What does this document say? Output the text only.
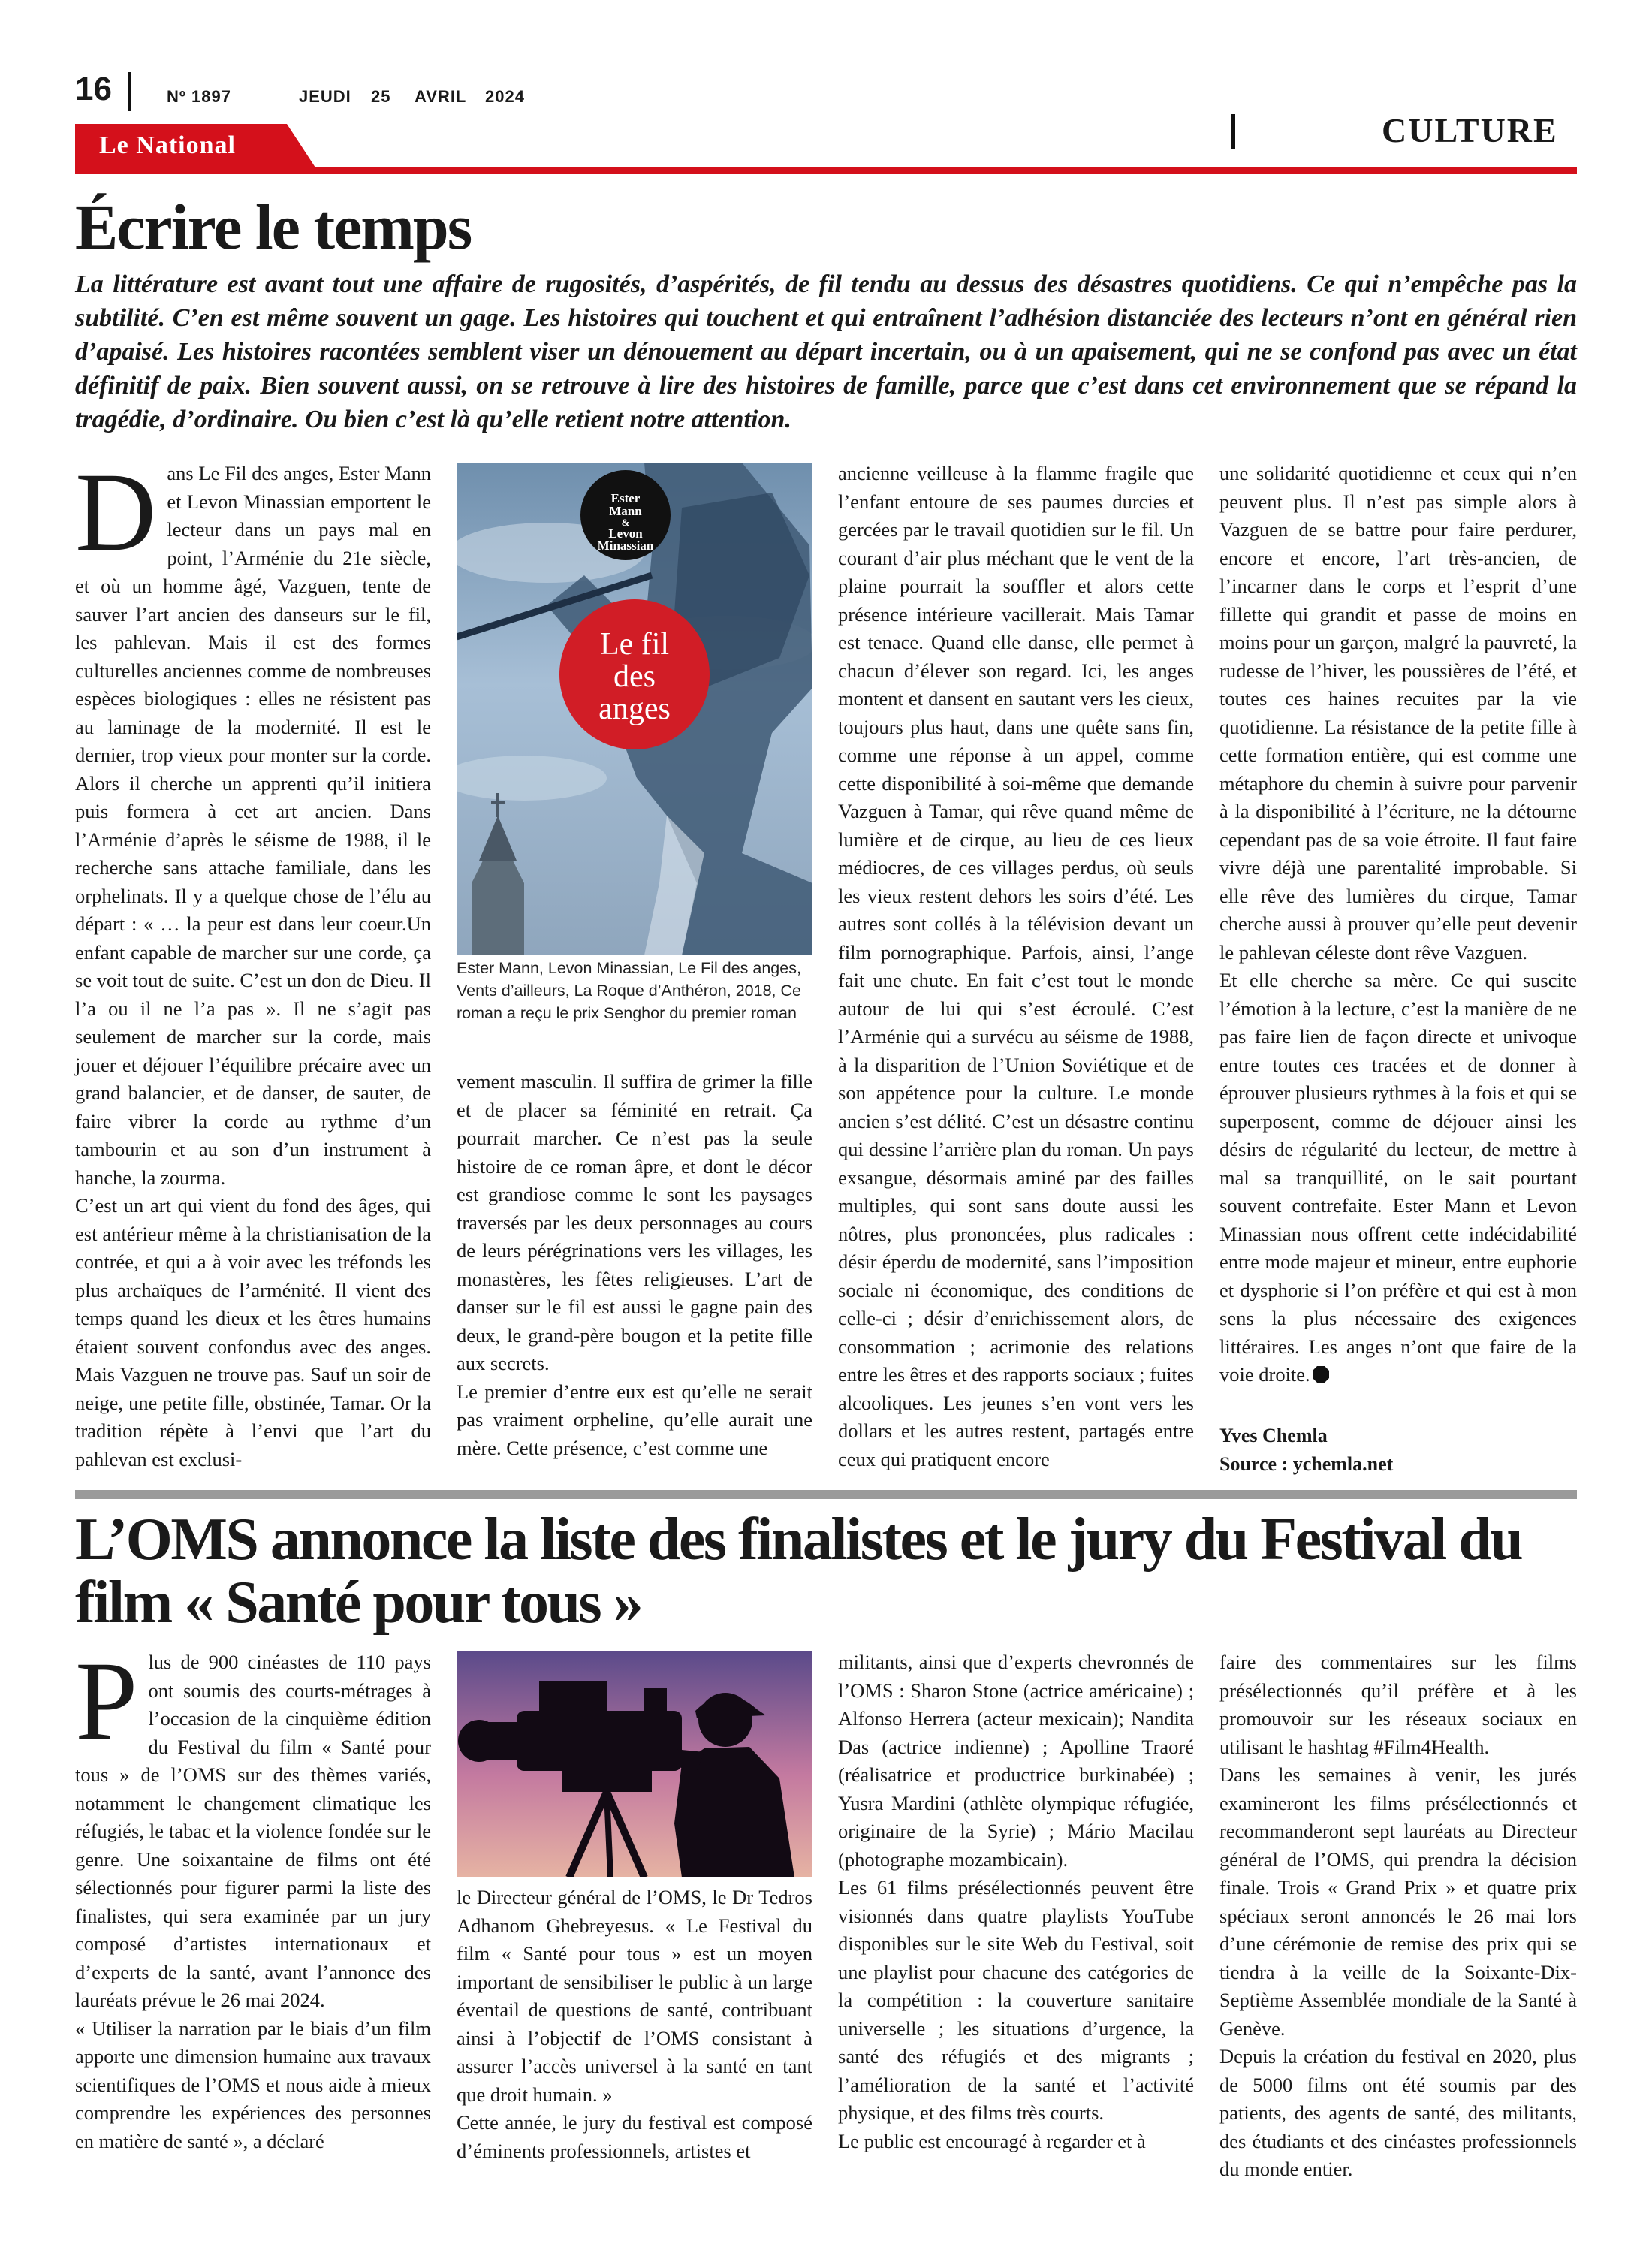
16	Nº 1897	JEUDI 25 AVRIL 2024
Le National	CULTURE
Écrire le temps
La littérature est avant tout une affaire de rugosités, d’aspérités, de fil tendu au dessus des désastres quotidiens. Ce qui n’empêche pas la subtilité. C’en est même souvent un gage. Les histoires qui touchent et qui entraînent l’adhésion distanciée des lecteurs n’ont en général rien d’apaisé. Les histoires racontées semblent viser un dénouement au départ incertain, ou à un apaisement, qui ne se confond pas avec un état définitif de paix. Bien souvent aussi, on se retrouve à lire des histoires de famille, parce que c’est dans cet environnement que se répand la tragédie, d’ordinaire. Ou bien c’est là qu’elle retient notre attention.
D ans Le Fil des anges, Ester Mann et Levon Minassian emportent le lecteur dans un pays mal en point, l’Arménie du 21e siècle, et où un homme âgé, Vazguen, tente de sauver l’art ancien des danseurs sur le fil, les pahlevan. Mais il est des formes culturelles anciennes comme de nombreuses espèces biologiques : elles ne résistent pas au laminage de la modernité. Il est le dernier, trop vieux pour monter sur la corde. Alors il cherche un apprenti qu’il initiera puis formera à cet art ancien. Dans l’Arménie d’après le séisme de 1988, il le recherche sans attache familiale, dans les orphelinats. Il y a quelque chose de l’élu au départ : « … la peur est dans leur coeur.Un enfant capable de marcher sur une corde, ça se voit tout de suite. C’est un don de Dieu. Il l’a ou il ne l’a pas ». Il ne s’agit pas seulement de marcher sur la corde, mais jouer et déjouer l’équilibre précaire avec un grand balancier, et de danser, de sauter, de faire vibrer la corde au rythme d’un tambourin et au son d’un instrument à hanche, la zourma.

C’est un art qui vient du fond des âges, qui est antérieur même à la christianisation de la contrée, et qui a à voir avec les tréfonds les plus archaïques de l’arménité. Il vient des temps quand les dieux et les êtres humains étaient souvent confondus avec des anges. Mais Vazguen ne trouve pas. Sauf un soir de neige, une petite fille, obstinée, Tamar. Or la tradition répète à l’envi que l’art du pahlevan est exclusi-

Ester
Mann
&
Levon
Minassian
Le fil
des
anges
Ester Mann, Levon Minassian, Le Fil des anges, Vents d’ailleurs, La Roque d’Anthéron, 2018, Ce roman a reçu le prix Senghor du premier roman

vement masculin. Il suffira de grimer la fille et de placer sa féminité en retrait. Ça pourrait marcher. Ce n’est pas la seule histoire de ce roman âpre, et dont le décor est grandiose comme le sont les paysages traversés par les deux personnages au cours de leurs pérégrinations vers les villages, les monastères, les fêtes religieuses. L’art de danser sur le fil est aussi le gagne pain des deux, le grand-père bougon et la petite fille aux secrets.

Le premier d’entre eux est qu’elle ne serait pas vraiment orpheline, qu’elle aurait une mère. Cette présence, c’est comme une

ancienne veilleuse à la flamme fragile que l’enfant entoure de ses paumes durcies et gercées par le travail quotidien sur le fil. Un courant d’air plus méchant que le vent de la plaine pourrait la souffler et alors cette présence intérieure vacillerait. Mais Tamar est tenace. Quand elle danse, elle permet à chacun d’élever son regard. Ici, les anges montent et dansent en sautant vers les cieux, toujours plus haut, dans une quête sans fin, comme une réponse à un appel, comme cette disponibilité à soi-même que demande Vazguen à Tamar, qui rêve quand même de lumière et de cirque, au lieu de ces lieux médiocres, de ces villages perdus, où seuls les vieux restent dehors les soirs d’été. Les autres sont collés à la télévision devant un film pornographique. Parfois, ainsi, l’ange fait une chute. En fait c’est tout le monde autour de lui qui s’est écroulé. C’est l’Arménie qui a survécu au séisme de 1988, à la disparition de l’Union Soviétique et de son appétence pour la culture. Le monde ancien s’est délité. C’est un désastre continu qui dessine l’arrière plan du roman. Un pays exsangue, désormais aminé par des failles multiples, qui sont sans doute aussi les nôtres, plus prononcées, plus radicales : désir éperdu de modernité, sans l’imposition sociale ni économique, des conditions de celle-ci ; désir d’enrichissement alors, de consommation ; acrimonie des relations entre les êtres et des rapports sociaux ; fuites alcooliques. Les jeunes s’en vont vers les dollars et les autres restent, partagés entre ceux qui pratiquent encore

une solidarité quotidienne et ceux qui n’en peuvent plus. Il n’est pas simple alors à Vazguen de se battre pour faire perdurer, encore et encore, l’art très-ancien, de l’incarner dans le corps et l’esprit d’une fillette qui grandit et passe de moins en moins pour un garçon, malgré la pauvreté, la rudesse de l’hiver, les poussières de l’été, et toutes ces haines recuites par la vie quotidienne. La résistance de la petite fille à cette formation entière, qui est comme une métaphore du chemin à suivre pour parvenir à la disponibilité à l’écriture, ne la détourne cependant pas de sa voie étroite. Il faut faire vivre déjà une parentalité improbable. Si elle rêve des lumières du cirque, Tamar cherche aussi à prouver qu’elle peut devenir le pahlevan céleste dont rêve Vazguen.

Et elle cherche sa mère. Ce qui suscite l’émotion à la lecture, c’est la manière de ne pas faire lien de façon directe et univoque entre toutes ces tracées et de donner à éprouver plusieurs rythmes à la fois et qui se superposent, comme de déjouer ainsi les désirs de régularité du lecteur, de mettre à mal sa tranquillité, on le sait pourtant souvent contrefaite. Ester Mann et Levon Minassian nous offrent cette indécidabilité entre mode majeur et mineur, entre euphorie et dysphorie si l’on préfère et qui est à mon sens la plus nécessaire des exigences littéraires. Les anges n’ont que faire de la voie droite.

Yves Chemla
Source : ychemla.net
L’OMS annonce la liste des finalistes et le jury du Festival du film « Santé pour tous »
P lus de 900 cinéastes de 110 pays ont soumis des courts-métrages à l’occasion de la cinquième édition du Festival du film « Santé pour tous » de l’OMS sur des thèmes variés, notamment le changement climatique les réfugiés, le tabac et la violence fondée sur le genre. Une soixantaine de films ont été sélectionnés pour figurer parmi la liste des finalistes, qui sera examinée par un jury composé d’artistes internationaux et d’experts de la santé, avant l’annonce des lauréats prévue le 26 mai 2024.

« Utiliser la narration par le biais d’un film apporte une dimension humaine aux travaux scientifiques de l’OMS et nous aide à mieux comprendre les expériences des personnes en matière de santé », a déclaré

le Directeur général de l’OMS, le Dr Tedros Adhanom Ghebreyesus. « Le Festival du film « Santé pour tous » est un moyen important de sensibiliser le public à un large éventail de questions de santé, contribuant ainsi à l’objectif de l’OMS consistant à assurer l’accès universel à la santé en tant que droit humain. »

Cette année, le jury du festival est composé d’éminents professionnels, artistes et

militants, ainsi que d’experts chevronnés de l’OMS : Sharon Stone (actrice américaine) ; Alfonso Herrera (acteur mexicain); Nandita Das (actrice indienne) ; Apolline Traoré (réalisatrice et productrice burkinabée) ; Yusra Mardini (athlète olympique réfugiée, originaire de la Syrie) ; Mário Macilau (photographe mozambicain).

Les 61 films présélectionnés peuvent être visionnés dans quatre playlists YouTube disponibles sur le site Web du Festival, soit une playlist pour chacune des catégories de la compétition : la couverture sanitaire universelle ; les situations d’urgence, la santé des réfugiés et des migrants ; l’amélioration de la santé et l’activité physique, et des films très courts.

Le public est encouragé à regarder et à

faire des commentaires sur les films présélectionnés qu’il préfère et à les promouvoir sur les réseaux sociaux en utilisant le hashtag #Film4Health.

Dans les semaines à venir, les jurés examineront les films présélectionnés et recommanderont sept lauréats au Directeur général de l’OMS, qui prendra la décision finale. Trois « Grand Prix » et quatre prix spéciaux seront annoncés le 26 mai lors d’une cérémonie de remise des prix qui se tiendra à la veille de la Soixante-Dix-Septième Assemblée mondiale de la Santé à Genève.

Depuis la création du festival en 2020, plus de 5000 films ont été soumis par des patients, des agents de santé, des militants, des étudiants et des cinéastes professionnels du monde entier.
